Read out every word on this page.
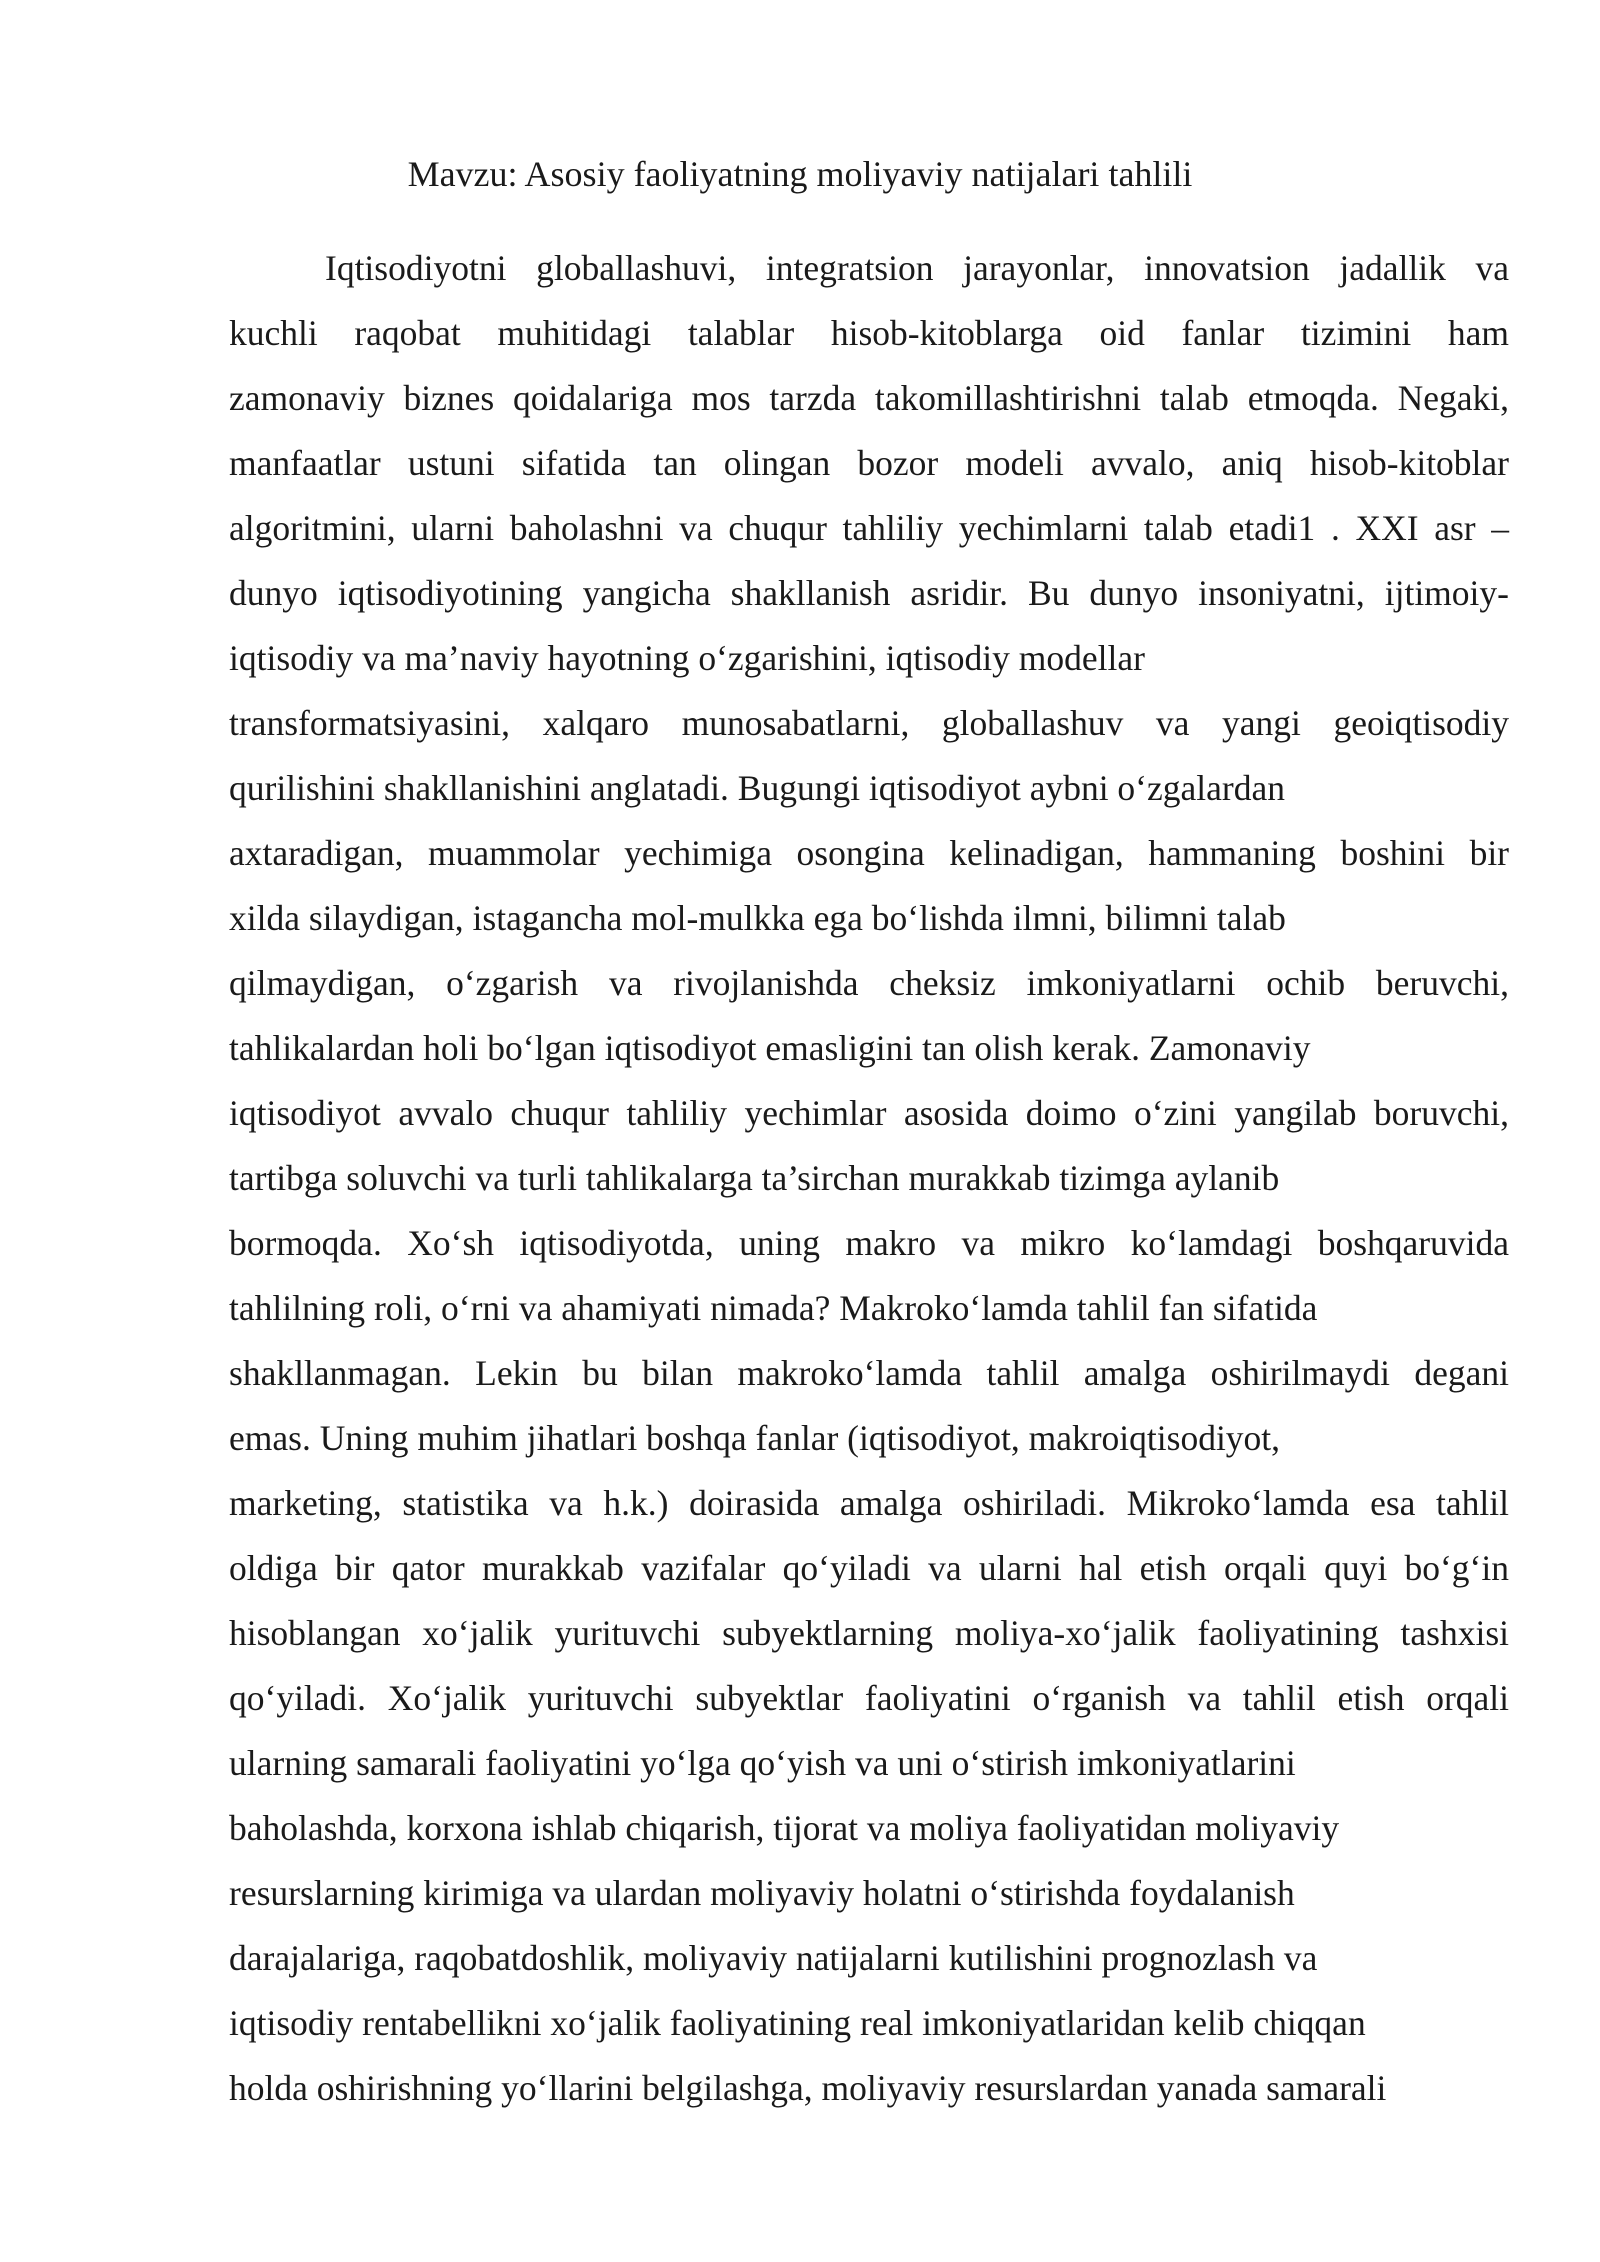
Mavzu: Asosiy faoliyatning moliyaviy natijalari tahlili
Iqtisodiyotni globallashuvi, integratsion jarayonlar, innovatsion jadallik va
kuchli raqobat muhitidagi talablar hisob-kitoblarga oid fanlar tizimini ham
zamonaviy biznes qoidalariga mos tarzda takomillashtirishni talab etmoqda. Negaki,
manfaatlar ustuni sifatida tan olingan bozor modeli avvalo, aniq hisob-kitoblar
algoritmini, ularni baholashni va chuqur tahliliy yechimlarni talab etadi1 . XXI asr –
dunyo iqtisodiyotining yangicha shakllanish asridir. Bu dunyo insoniyatni, ijtimoiy-
iqtisodiy va ma’naviy hayotning oʻzgarishini, iqtisodiy modellar
transformatsiyasini, xalqaro munosabatlarni, globallashuv va yangi geoiqtisodiy
qurilishini shakllanishini anglatadi. Bugungi iqtisodiyot aybni oʻzgalardan
axtaradigan, muammolar yechimiga osongina kelinadigan, hammaning boshini bir
xilda silaydigan, istagancha mol-mulkka ega boʻlishda ilmni, bilimni talab
qilmaydigan, oʻzgarish va rivojlanishda cheksiz imkoniyatlarni ochib beruvchi,
tahlikalardan holi boʻlgan iqtisodiyot emasligini tan olish kerak. Zamonaviy
iqtisodiyot avvalo chuqur tahliliy yechimlar asosida doimo oʻzini yangilab boruvchi,
tartibga soluvchi va turli tahlikalarga ta’sirchan murakkab tizimga aylanib
bormoqda. Xoʻsh iqtisodiyotda, uning makro va mikro koʻlamdagi boshqaruvida
tahlilning roli, oʻrni va ahamiyati nimada? Makrokoʻlamda tahlil fan sifatida
shakllanmagan. Lekin bu bilan makrokoʻlamda tahlil amalga oshirilmaydi degani
emas. Uning muhim jihatlari boshqa fanlar (iqtisodiyot, makroiqtisodiyot,
marketing, statistika va h.k.) doirasida amalga oshiriladi. Mikrokoʻlamda esa tahlil
oldiga bir qator murakkab vazifalar qoʻyiladi va ularni hal etish orqali quyi boʻgʻin
hisoblangan xoʻjalik yurituvchi subyektlarning moliya-xoʻjalik faoliyatining tashxisi
qoʻyiladi. Xoʻjalik yurituvchi subyektlar faoliyatini oʻrganish va tahlil etish orqali
ularning samarali faoliyatini yoʻlga qoʻyish va uni oʻstirish imkoniyatlarini
baholashda, korxona ishlab chiqarish, tijorat va moliya faoliyatidan moliyaviy
resurslarning kirimiga va ulardan moliyaviy holatni oʻstirishda foydalanish
darajalariga, raqobatdoshlik, moliyaviy natijalarni kutilishini prognozlash va
iqtisodiy rentabellikni xoʻjalik faoliyatining real imkoniyatlaridan kelib chiqqan
holda oshirishning yoʻllarini belgilashga, moliyaviy resurslardan yanada samarali
